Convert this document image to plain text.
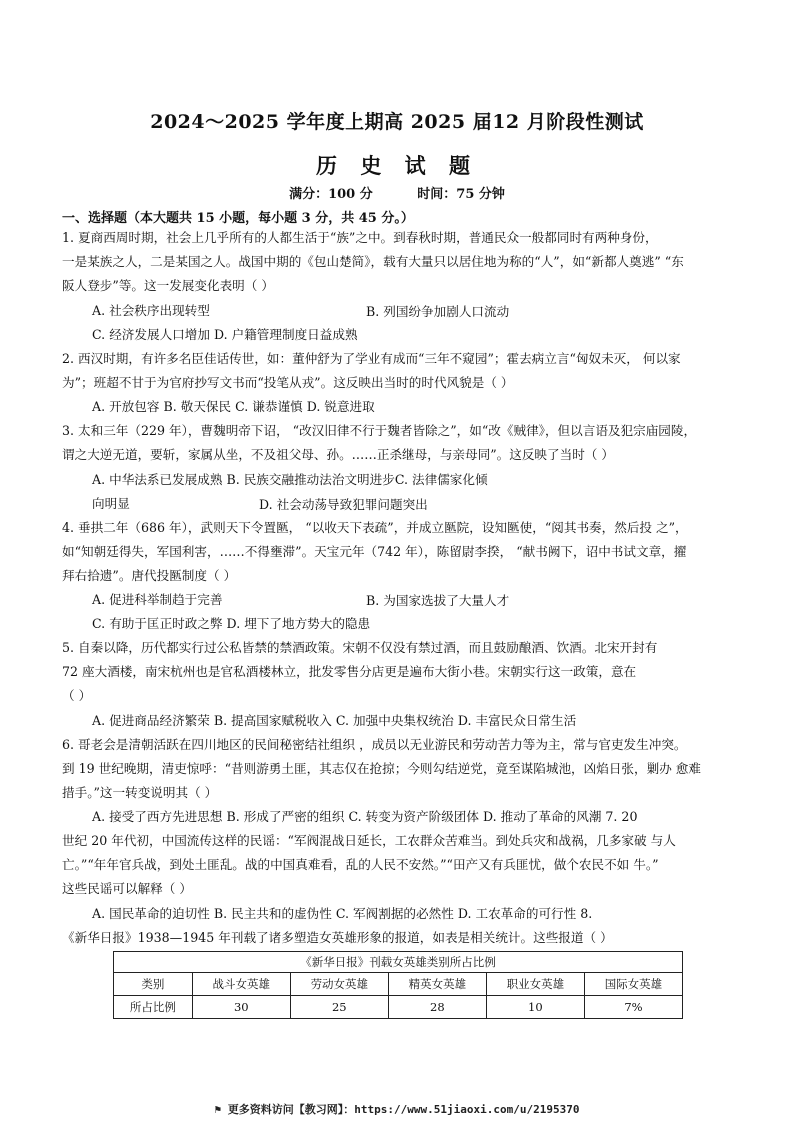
2024～2025 学年度上期高 2025 届12 月阶段性测试
历 史 试 题
满分：100 分	时间：75 分钟
一、选择题（本大题共 15 小题，每小题 3 分，共 45 分。）
1. 夏商西周时期，社会上几乎所有的人都生活于“族”之中。到春秋时期，普通民众一般都同时有两种身份，
一是某族之人，二是某国之人。战国中期的《包山楚简》，载有大量只以居住地为称的“人”，如“新都人奠逃” “东
阪人登步”等。这一发展变化表明（ ）
A. 社会秩序出现转型	B. 列国纷争加剧人口流动
C. 经济发展人口增加 D. 户籍管理制度日益成熟
2. 西汉时期，有许多名臣佳话传世，如：董仲舒为了学业有成而“三年不窥园”；霍去病立言“匈奴未灭， 何以家
为”；班超不甘于为官府抄写文书而“投笔从戎”。这反映出当时的时代风貌是（ ）
A. 开放包容 B. 敬天保民 C. 谦恭谨慎 D. 锐意进取
3. 太和三年（229 年），曹魏明帝下诏， “改汉旧律不行于魏者皆除之”，如“改《贼律》，但以言语及犯宗庙园陵，
谓之大逆无道，要斩，家属从坐，不及祖父母、孙。……正杀继母，与亲母同”。这反映了当时（ ）
A. 中华法系已发展成熟 B. 民族交融推动法治文明进步C. 法律儒家化倾
向明显	D. 社会动荡导致犯罪问题突出
4. 垂拱二年（686 年），武则天下令置匦， “以收天下表疏”，并成立匦院，设知匦使，“阅其书奏，然后投 之”，
如“知朝廷得失，军国利害，……不得壅滞”。天宝元年（742 年），陈留尉李揆， “献书阙下，诏中书试文章，擢
拜右拾遗”。唐代投匦制度（ ）
A. 促进科举制趋于完善	B. 为国家选拔了大量人才
C. 有助于匡正时政之弊 D. 埋下了地方势大的隐患
5. 自秦以降，历代都实行过公私皆禁的禁酒政策。宋朝不仅没有禁过酒，而且鼓励酿酒、饮酒。北宋开封有
72 座大酒楼，南宋杭州也是官私酒楼林立，批发零售分店更是遍布大街小巷。宋朝实行这一政策，意在
（ ）
A. 促进商品经济繁荣 B. 提高国家赋税收入 C. 加强中央集权统治 D. 丰富民众日常生活
6. 哥老会是清朝活跃在四川地区的民间秘密结社组织 ，成员以无业游民和劳动苦力等为主，常与官吏发生冲突。
到 19 世纪晚期，清吏惊呼：“昔则游勇土匪，其志仅在抢掠；今则勾结逆党，竟至谋陷城池，凶焰日张，剿办 愈难
措手。”这一转变说明其（ ）
A. 接受了西方先进思想 B. 形成了严密的组织 C. 转变为资产阶级团体 D. 推动了革命的风潮 7. 20
世纪 20 年代初，中国流传这样的民谣：“军阀混战日延长，工农群众苦难当。到处兵灾和战祸，几多家破 与人
亡。”“年年官兵战，到处土匪乱。战的中国真难看，乱的人民不安然。”“田产又有兵匪忧，做个农民不如 牛。”
这些民谣可以解释（ ）
A. 国民革命的迫切性 B. 民主共和的虚伪性 C. 军阀割据的必然性 D. 工农革命的可行性 8.
《新华日报》1938—1945 年刊载了诸多塑造女英雄形象的报道，如表是相关统计。这些报道（ ）
《新华日报》刊载女英雄类别所占比例
类别	战斗女英雄	劳动女英雄	精英女英雄	职业女英雄	国际女英雄
所占比例	30	25	28	10	7%
⚑ 更多资料访问【教习网】：https://www.51jiaoxi.com/u/2195370
